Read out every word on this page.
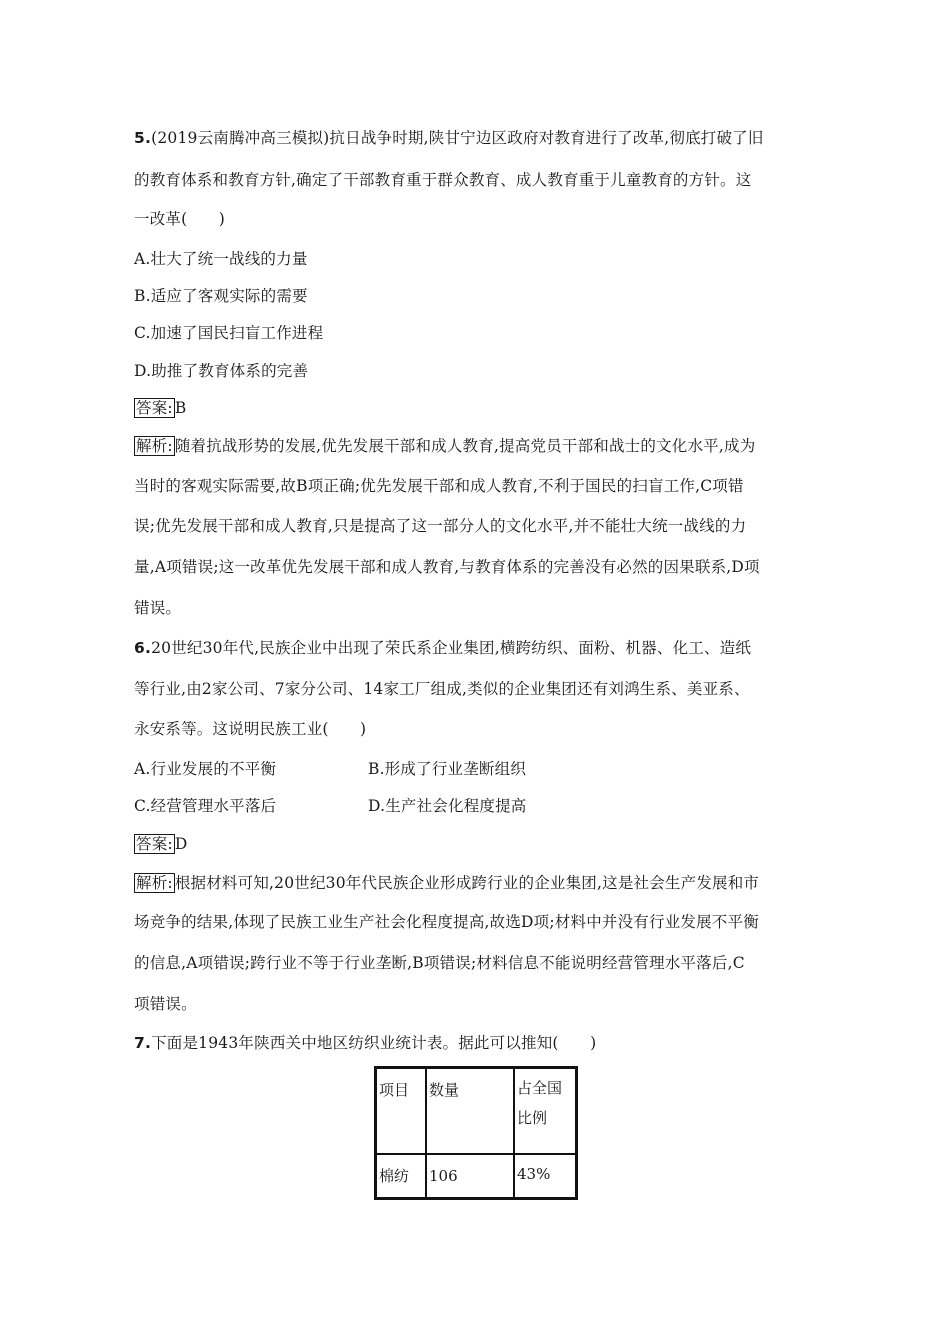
5.(2019云南腾冲高三模拟)抗日战争时期,陕甘宁边区政府对教育进行了改革,彻底打破了旧
的教育体系和教育方针,确定了干部教育重于群众教育、成人教育重于儿童教育的方针。这
一改革(　　)
A.壮大了统一战线的力量
B.适应了客观实际的需要
C.加速了国民扫盲工作进程
D.助推了教育体系的完善
答案: B
解析: 随着抗战形势的发展,优先发展干部和成人教育,提高党员干部和战士的文化水平,成为
当时的客观实际需要,故B项正确;优先发展干部和成人教育,不利于国民的扫盲工作,C项错
误;优先发展干部和成人教育,只是提高了这一部分人的文化水平,并不能壮大统一战线的力
量,A项错误;这一改革优先发展干部和成人教育,与教育体系的完善没有必然的因果联系,D项
错误。
6.20世纪30年代,民族企业中出现了荣氏系企业集团,横跨纺织、面粉、机器、化工、造纸
等行业,由2家公司、7家分公司、14家工厂组成,类似的企业集团还有刘鸿生系、美亚系、
永安系等。这说明民族工业(　　)
A.行业发展的不平衡	B.形成了行业垄断组织
C.经营管理水平落后	D.生产社会化程度提高
答案: D
解析: 根据材料可知,20世纪30年代民族企业形成跨行业的企业集团,这是社会生产发展和市
场竞争的结果,体现了民族工业生产社会化程度提高,故选D项;材料中并没有行业发展不平衡
的信息,A项错误;跨行业不等于行业垄断,B项错误;材料信息不能说明经营管理水平落后,C
项错误。
7.下面是1943年陕西关中地区纺织业统计表。据此可以推知(　　)
项目	数量	占全国
比例
棉纺	106	43%
